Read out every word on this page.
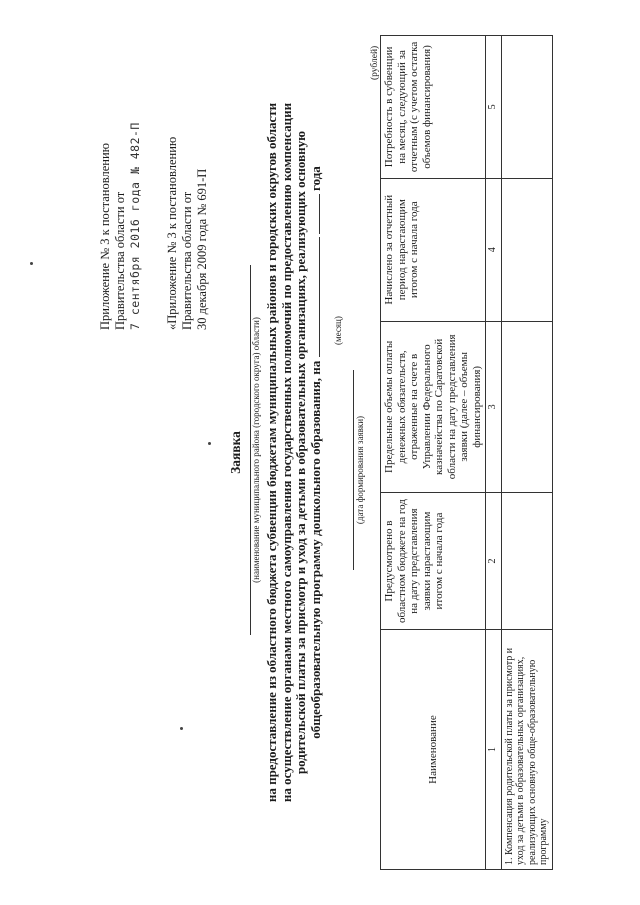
Приложение № 3 к постановлению Правительства области от 7 сентября 2016 года № 482-П «Приложение № 3 к постановлению Правительства области от 30 декабря 2009 года № 691-П
Заявка (наименование муниципального района (городского округа) области) на предоставление из областного бюджета субвенции бюджетам муниципальных районов и городских округов области на осуществление органами местного самоуправления государственных полномочий по предоставлению компенсации родительской платы за присмотр и уход за детьми в образовательных организациях, реализующих основную общеобразовательную программу дошкольного образования, на   года
(месяц)
(дата формирования заявки)
(рублей)
Наименование	Предусмотрено в областном бюджете на год на дату представления заявки нарастающим итогом с начала года	Предельные объемы оплаты денежных обязательств, отраженные на счете в Управлении Федерального казначейства по Саратовской области на дату представления заявки (далее – объемы финансирования)	Начислено за отчетный период нарастающим итогом с начала года	Потребность в субвенции на месяц, следующий за отчетным (с учетом остатка объемов финансирования)
1	2	3	4	5
1. Компенсация родительской платы за присмотр и уход за детьми в образовательных организациях, реализующих основную обще-образовательную программу				
